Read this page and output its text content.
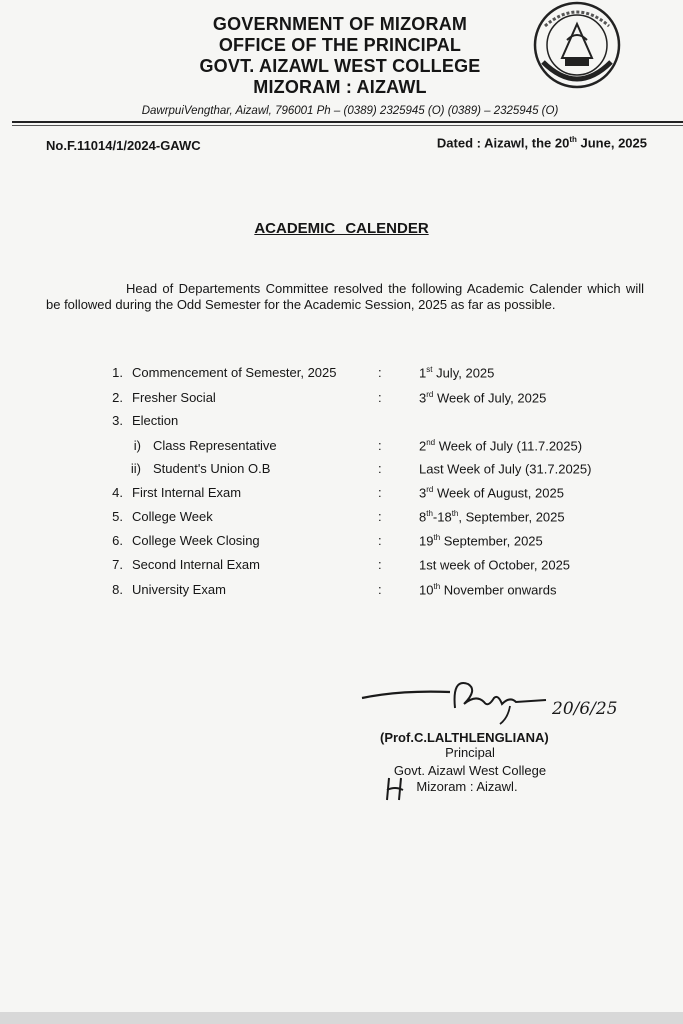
GOVERNMENT OF MIZORAM
OFFICE OF THE PRINCIPAL
GOVT. AIZAWL WEST COLLEGE
MIZORAM : AIZAWL
DawrpuiVengthar, Aizawl, 796001 Ph – (0389) 2325945 (O) (0389) – 2325945 (O)
No.F.11014/1/2024-GAWC	Dated : Aizawl, the 20th June, 2025
ACADEMIC CALENDER
Head of Departements Committee resolved the following Academic Calender which will be followed during the Odd Semester for the Academic Session, 2025 as far as possible.
1. Commencement of Semester, 2025	:	1st July, 2025
2. Fresher Social	:	3rd Week of July, 2025
3. Election
i) Class Representative	:	2nd Week of July (11.7.2025)
ii) Student's Union O.B	:	Last Week of July (31.7.2025)
4. First Internal Exam	:	3rd Week of August, 2025
5. College Week	:	8th-18th, September, 2025
6. College Week Closing	:	19th September, 2025
7. Second Internal Exam	:	1st week of October, 2025
8. University Exam	:	10th November onwards
20/6/25
(Prof.C.LALTHLENGLIANA)
Principal
Govt. Aizawl West College
Mizoram : Aizawl.
